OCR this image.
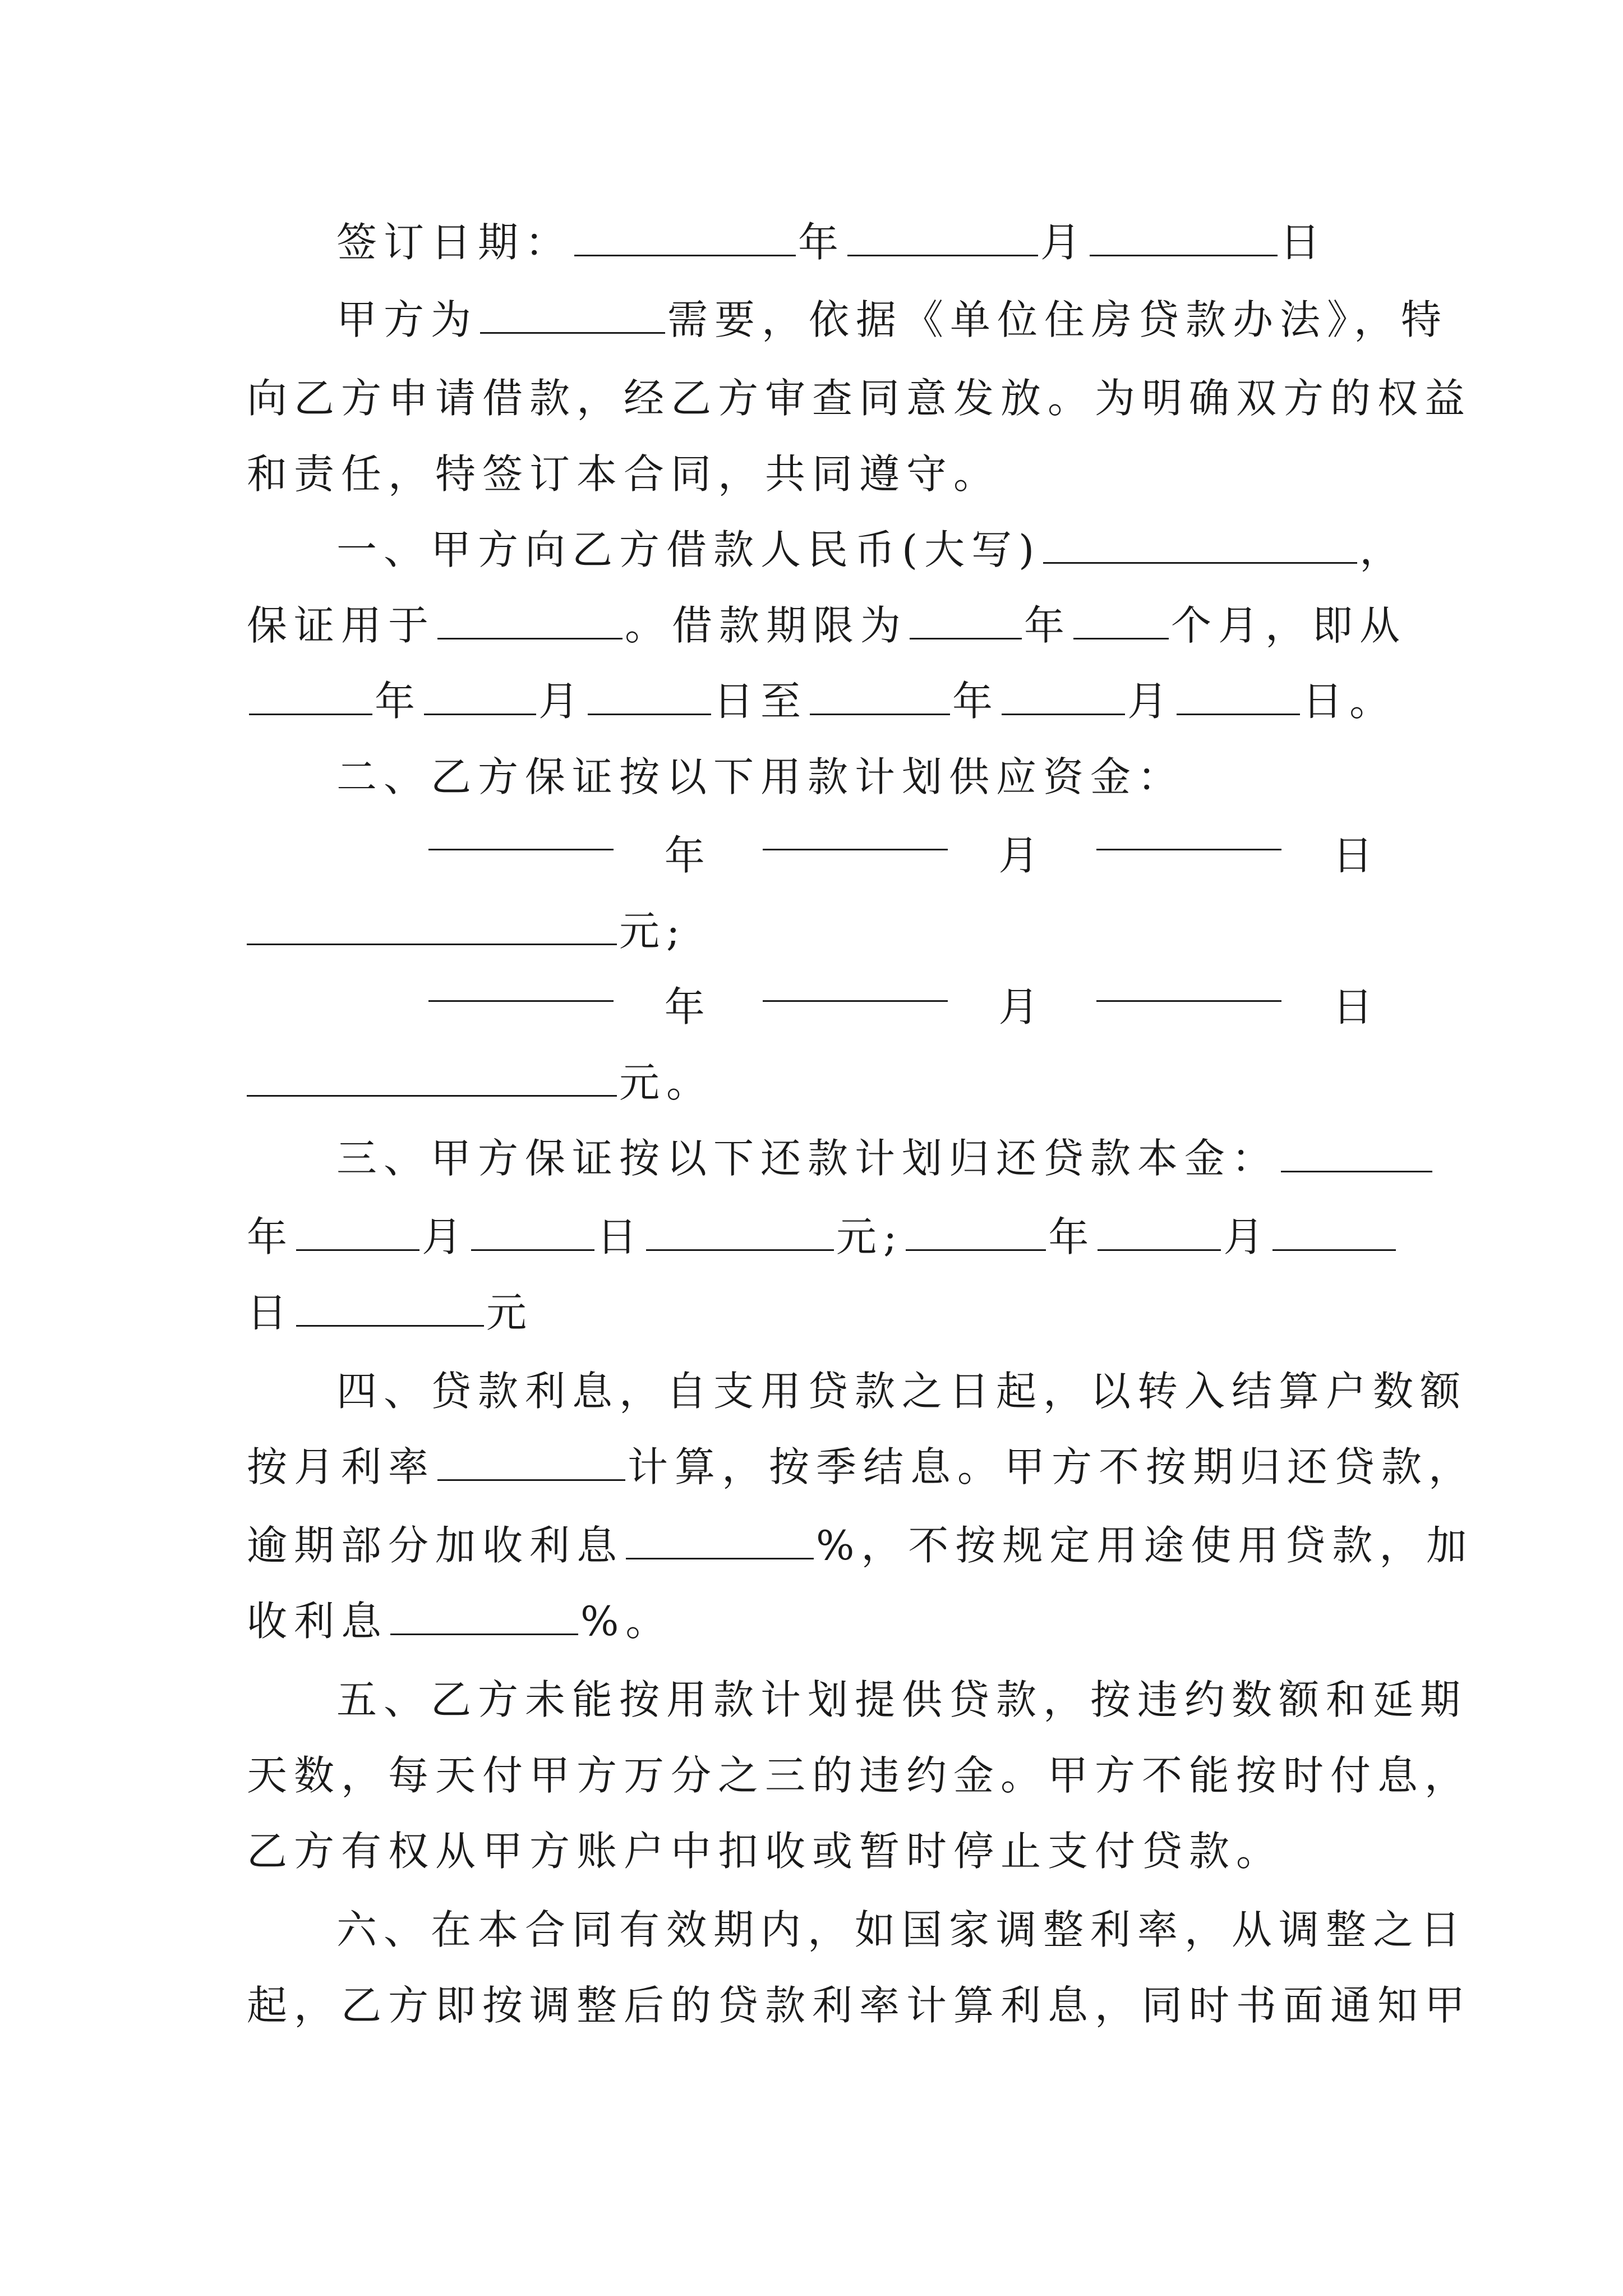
签订日期：	年	月	日
甲方为	需要，依据《单位住房贷款办法》，特
向乙方申请借款，经乙方审查同意发放。为明确双方的权益
和责任，特签订本合同，共同遵守。
一、甲方向乙方借款人民币(大写)	，
保证用于	。借款期限为	年 个月，即从
年	月	日至	年	月	日。
二、乙方保证按以下用款计划供应资金：
年	月	日
元;
年	月	日
元。
三、甲方保证按以下还款计划归还贷款本金：
年	月	日	元;	年	月
日	元
四、贷款利息，自支用贷款之日起，以转入结算户数额
按月利率	计算，按季结息。甲方不按期归还贷款，
逾期部分加收利息	%，不按规定用途使用贷款，加
收利息	%。
五、乙方未能按用款计划提供贷款，按违约数额和延期
天数，每天付甲方万分之三的违约金。甲方不能按时付息，
乙方有权从甲方账户中扣收或暂时停止支付贷款。
六、在本合同有效期内，如国家调整利率，从调整之日
起，乙方即按调整后的贷款利率计算利息，同时书面通知甲
